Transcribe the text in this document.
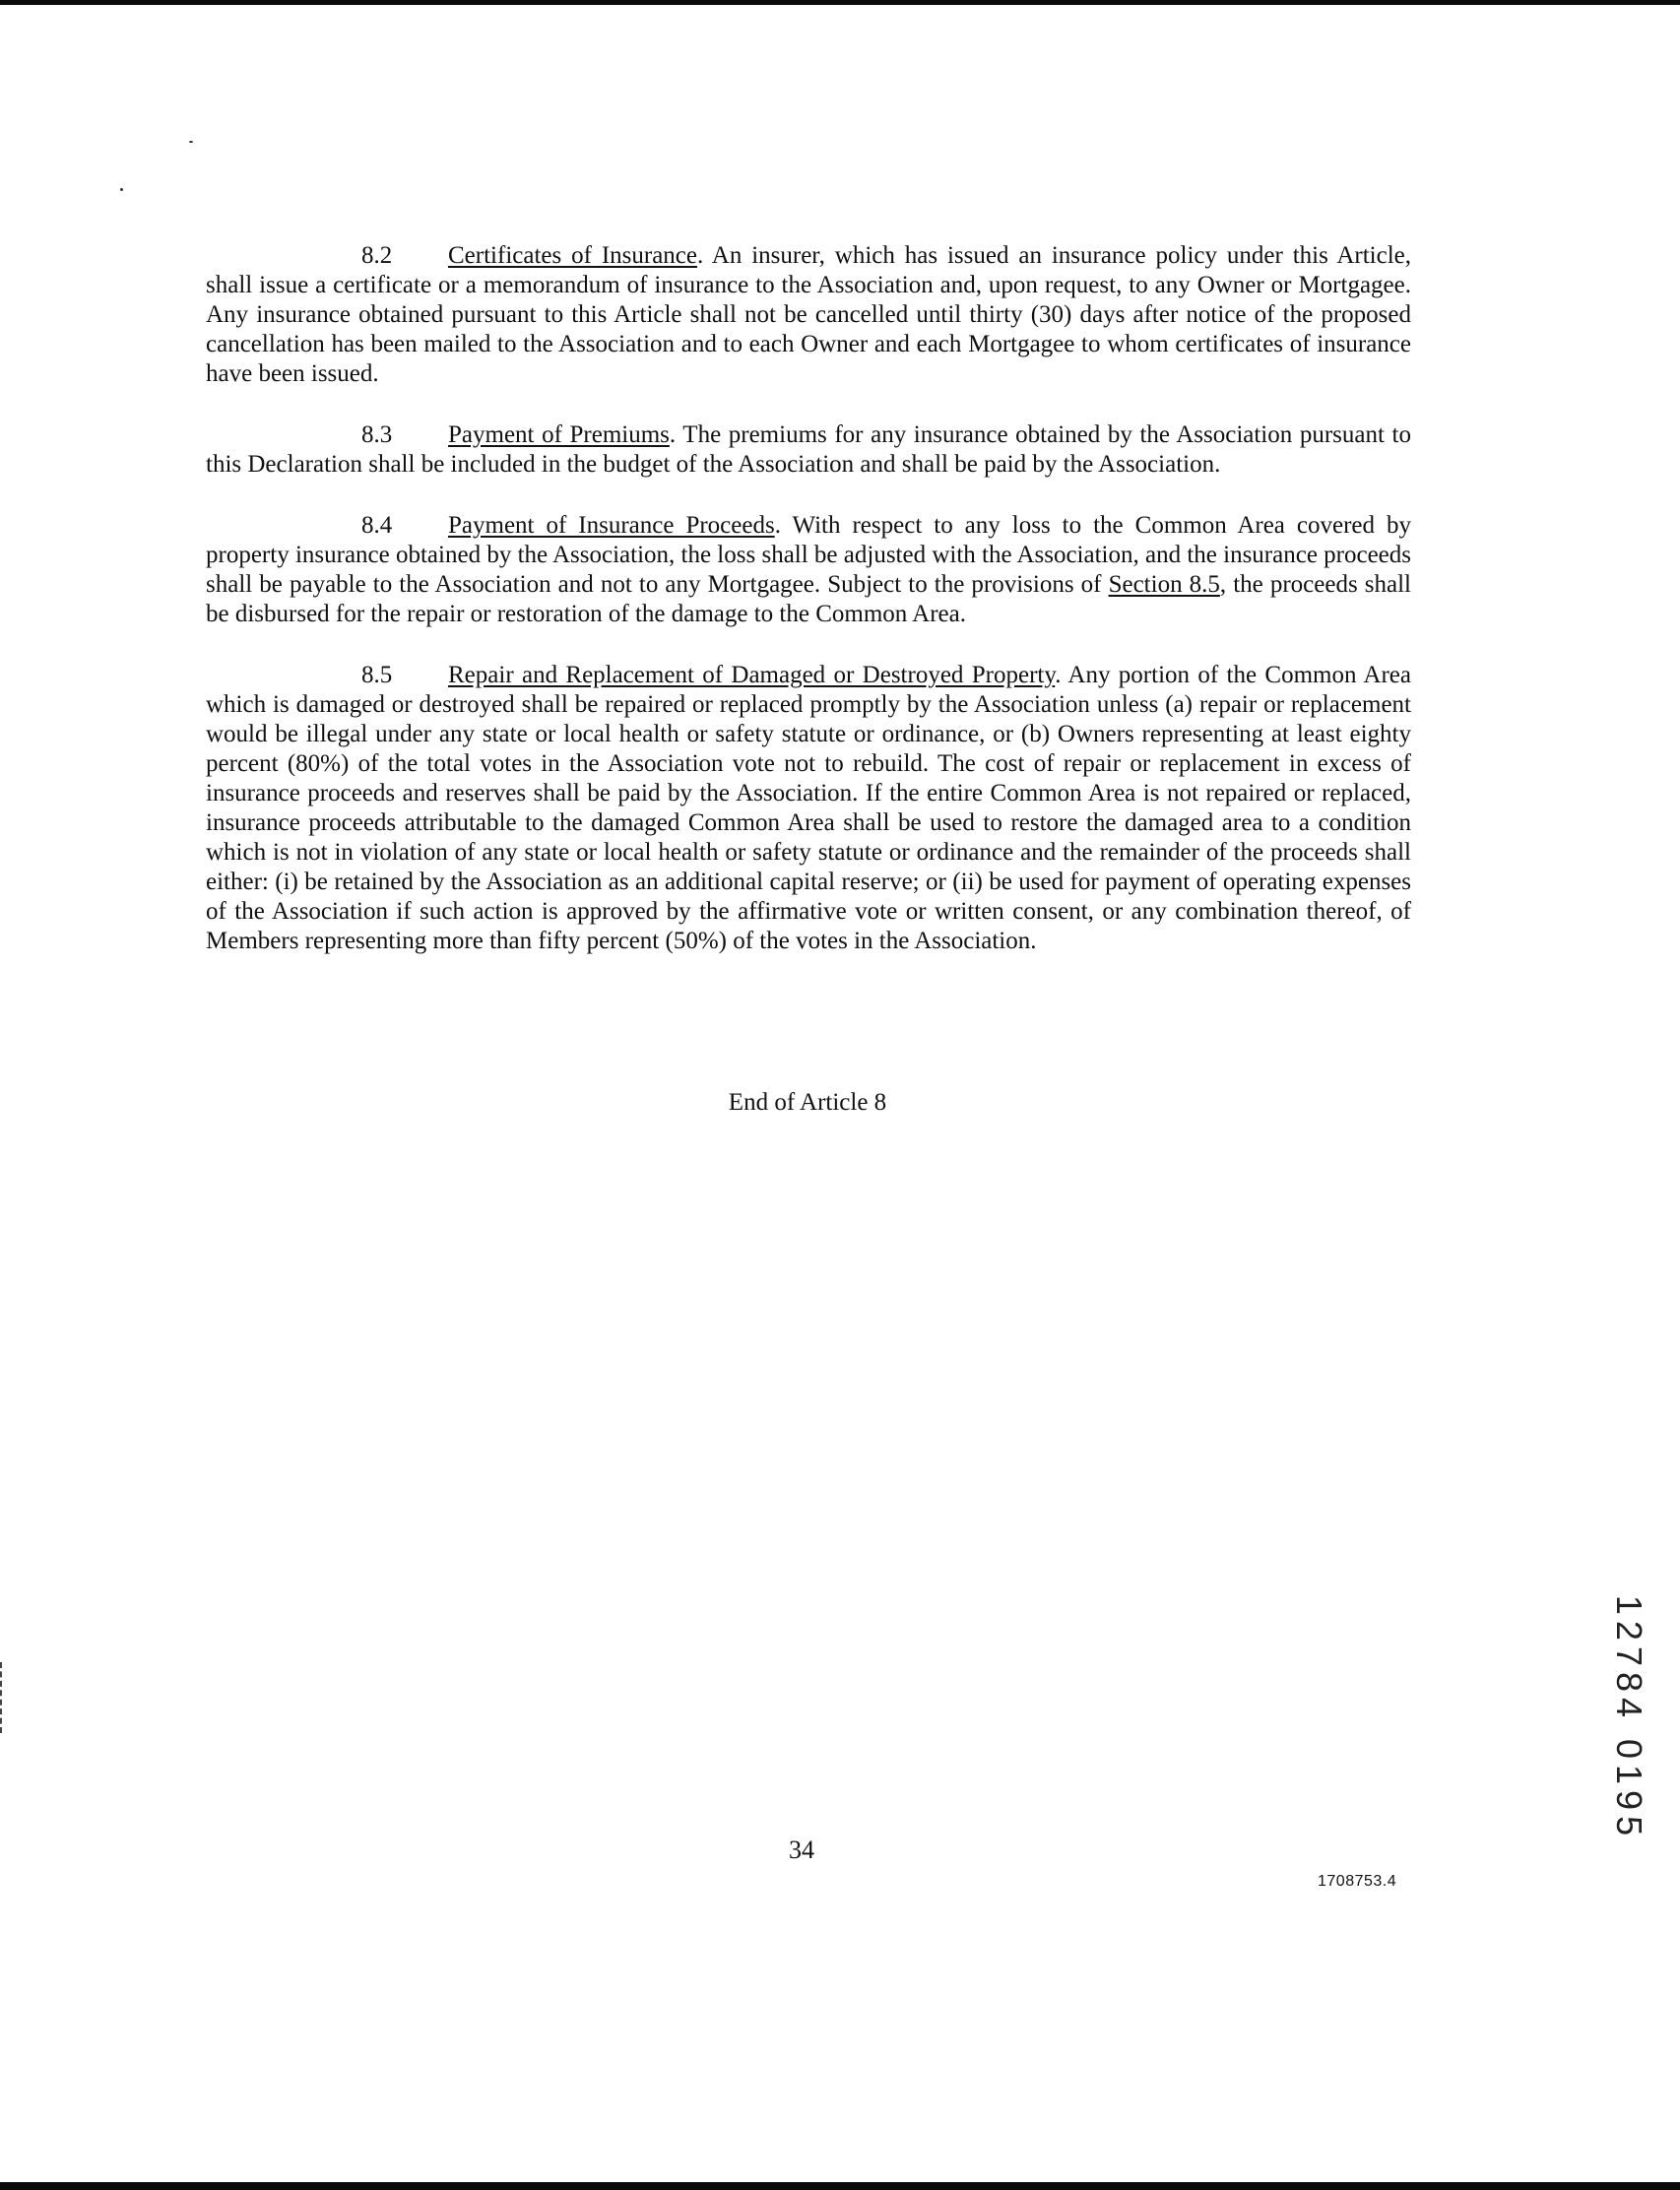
8.2 Certificates of Insurance. An insurer, which has issued an insurance policy under this Article, shall issue a certificate or a memorandum of insurance to the Association and, upon request, to any Owner or Mortgagee. Any insurance obtained pursuant to this Article shall not be cancelled until thirty (30) days after notice of the proposed cancellation has been mailed to the Association and to each Owner and each Mortgagee to whom certificates of insurance have been issued.

8.3 Payment of Premiums. The premiums for any insurance obtained by the Association pursuant to this Declaration shall be included in the budget of the Association and shall be paid by the Association.

8.4 Payment of Insurance Proceeds. With respect to any loss to the Common Area covered by property insurance obtained by the Association, the loss shall be adjusted with the Association, and the insurance proceeds shall be payable to the Association and not to any Mortgagee. Subject to the provisions of Section 8.5, the proceeds shall be disbursed for the repair or restoration of the damage to the Common Area.

8.5 Repair and Replacement of Damaged or Destroyed Property. Any portion of the Common Area which is damaged or destroyed shall be repaired or replaced promptly by the Association unless (a) repair or replacement would be illegal under any state or local health or safety statute or ordinance, or (b) Owners representing at least eighty percent (80%) of the total votes in the Association vote not to rebuild. The cost of repair or replacement in excess of insurance proceeds and reserves shall be paid by the Association. If the entire Common Area is not repaired or replaced, insurance proceeds attributable to the damaged Common Area shall be used to restore the damaged area to a condition which is not in violation of any state or local health or safety statute or ordinance and the remainder of the proceeds shall either: (i) be retained by the Association as an additional capital reserve; or (ii) be used for payment of operating expenses of the Association if such action is approved by the affirmative vote or written consent, or any combination thereof, of Members representing more than fifty percent (50%) of the votes in the Association.

End of Article 8
34
1708753.4
12784 0195
